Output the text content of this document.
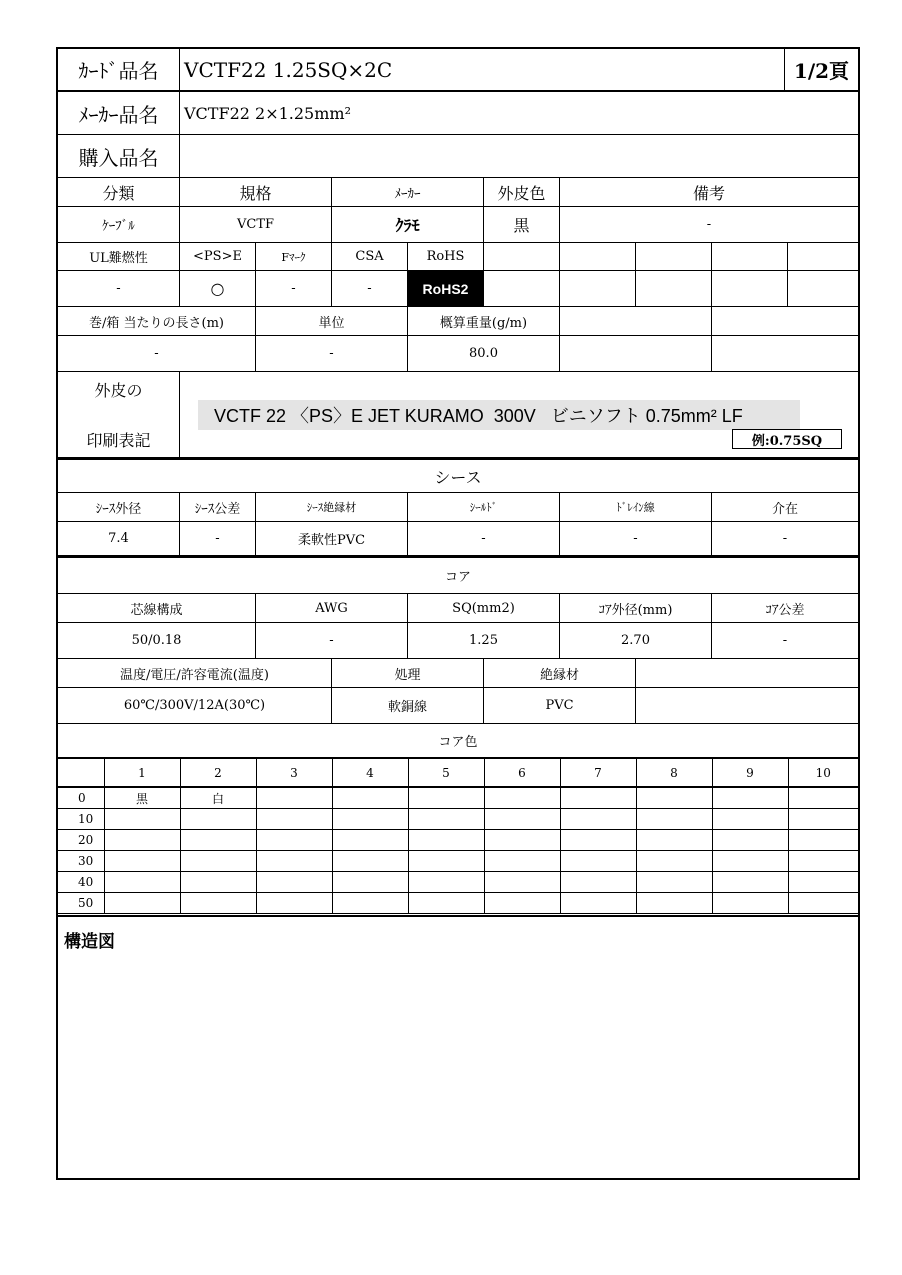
ｶｰﾄﾞ品名	VCTF22 1.25SQ×2C	1/2頁
ﾒｰｶｰ品名	VCTF22 2×1.25mm²
購入品名
分類	規格	ﾒｰｶｰ	外皮色	備考
ｹｰﾌﾞﾙ	VCTF	ｸﾗﾓ	黒	-
UL難燃性	<PS>E	Fﾏｰｸ	CSA	RoHS
-	○	-	-	RoHS2
巻/箱 当たりの長さ(m)	単位	概算重量(g/m)
-	-	80.0
外皮の
印刷表記
VCTF 22 〈PS〉E JET KURAMO  300V   ビニソフト 0.75mm² LF
例:0.75SQ
シース
ｼｰｽ外径	ｼｰｽ公差	ｼｰｽ絶縁材	ｼｰﾙﾄﾞ	ﾄﾞﾚｲﾝ線	介在
7.4	-	柔軟性PVC	-	-	-
コア
芯線構成	AWG	SQ(mm2)	ｺｱ外径(mm)	ｺｱ公差
50/0.18	-	1.25	2.70	-
温度/電圧/許容電流(温度)	処理	絶縁材
60℃/300V/12A(30℃)	軟銅線	PVC
コア色
	1	2	3	4	5	6	7	8	9	10
0	黒	白								
10										
20										
30										
40										
50										
構造図
